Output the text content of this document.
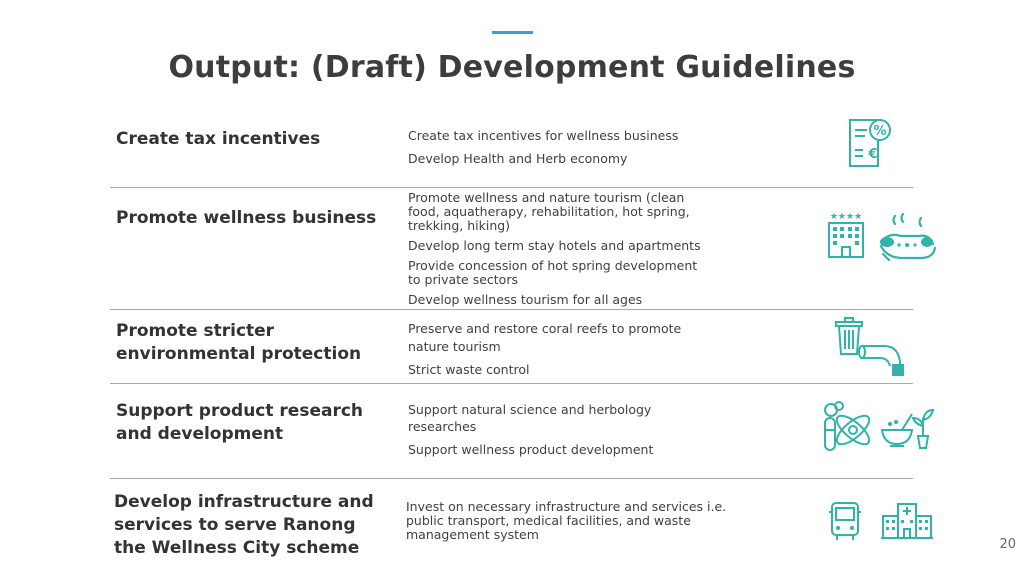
Output: (Draft) Development Guidelines
Create tax incentives	Create tax incentives for wellness business
Develop Health and Herb economy
%
€
Promote wellness business
Promote wellness and nature tourism (clean
food, aquatherapy, rehabilitation, hot spring,
trekking, hiking)
Develop long term stay hotels and apartments
Provide concession of hot spring development
to private sectors
Develop wellness tourism for all ages
★★★★
Promote stricter
environmental protection
Preserve and restore coral reefs to promote
nature tourism
Strict waste control
Support product research
and development
Support natural science and herbology
researches
Support wellness product development
Develop infrastructure and
services to serve Ranong
the Wellness City scheme
Invest on necessary infrastructure and services i.e.
public transport, medical facilities, and waste
management system
20
